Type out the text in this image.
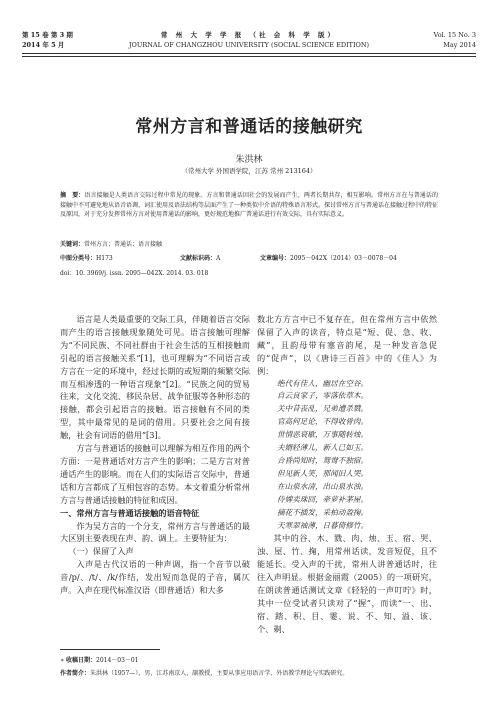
第 15 卷 第 3 期
2014 年 5 月
常 州 大 学 学 报 （社 会 科 学 版）
JOURNAL OF CHANGZHOU UNIVERSITY (SOCIAL SCIENCE EDITION)
Vol. 15 No. 3
May 2014
常州方言和普通话的接触研究
朱洪林
（常州大学 外国语学院，江苏 常州 213164）
摘　要：语言接触是人类语言交际过程中常见的现象。方言和普通话因社会的发展而产生，两者长期共存，相互影响。常州方言在与普通话的接触中不可避免地从语音语调、词汇使用及语法结构等层面产生了一种类似中介语的特殊语言形式。探讨常州方言与普通话在接触过程中的特征及原因，对于充分发挥常州方言对使用普通话的影响，更好规范地推广普通话进行有效交际，具有实际意义。
关键词：常州方言；普通话；语言接触
中图分类号：H173	文献标识码：A	文章编号：2095－042X（2014）03－0078－04
doi：10. 3969/j. issn. 2095—042X. 2014. 03. 018

语言是人类最重要的交际工具，伴随着语言交际而产生的语言接触现象随处可见。语言接触可理解为“不同民族、不同社群由于社会生活的互相接触而引起的语言接触关系”[1]，也可理解为“不同语言或方言在一定的环境中，经过长期的或短期的频繁交际而互相渗透的一种语言现象”[2]。“民族之间的贸易往来，文化交流、移民杂居、战争征服等各种形态的接触，都会引起语言的接触。语言接触有不同的类型，其中最常见的是词的借用。只要社会之间有接触，社会有词语的借用”[3]。

方言与普通话的接触可以理解为相互作用的两个方面：一是普通话对方言产生的影响；二是方言对普通话产生的影响。而在人们的实际语言交际中，普通话和方言都成了互相包容的态势。本文着重分析常州方言与普通话接触的特征和成因。

一、常州方言与普通话接触的语音特征

作为吴方言的一个分支，常州方言与普通话的最大区别主要表现在声、韵、调上。主要特征为：

（一）保留了入声

入声是古代汉语的一种声调，指一个音节以破音/p/、/t/、/k/作结，发出短而急促的子音，属仄声。入声在现代标准汉语（即普通话）和大多

数北方方言中已不复存在，但在常州方言中依然保留了入声的读音，特点是“短、促、急、收、藏”，且韵母带有塞音韵尾，是一种发音急促的“促声”，以《唐诗三百首》中的《佳人》为例：

绝代有佳人，幽居在空谷。
自云良家子，零落依草木。
关中昔丧乱，兄弟遭杀戮。
官高何足论，不得收骨肉。
世情恶衰歇，万事随转烛。
夫婿轻薄儿，新人已如玉。
合昏尚知时，鸳鸯不独宿。
但见新人笑，那闻旧人哭。
在山泉水清，出山泉水浊。
侍婢卖珠回，牵萝补茅屋。
摘花不插发，采柏动盈掬。
天寒翠袖薄，日暮倚修竹。

其中的谷、木、戮、肉、烛、玉、宿、哭、浊、屋、竹、掬，用常州话读，发音短促，且不能延长。受入声的干扰，常州人讲普通话时，往往入声明显。根据金丽霞（2005）的一项研究，在朗读普通话测试文章《轻轻的一声叮咛》时，其中一位受试者只读对了“握”，而读“一、出、宿、踏、积、目、霎、说、不、知、溢、该、个、剃、

∗ 收稿日期：2014－03－01
作者简介：朱洪林（1957—），男，江苏南京人，副教授，主要从事应用语言学、外语教学理论与实践研究。
